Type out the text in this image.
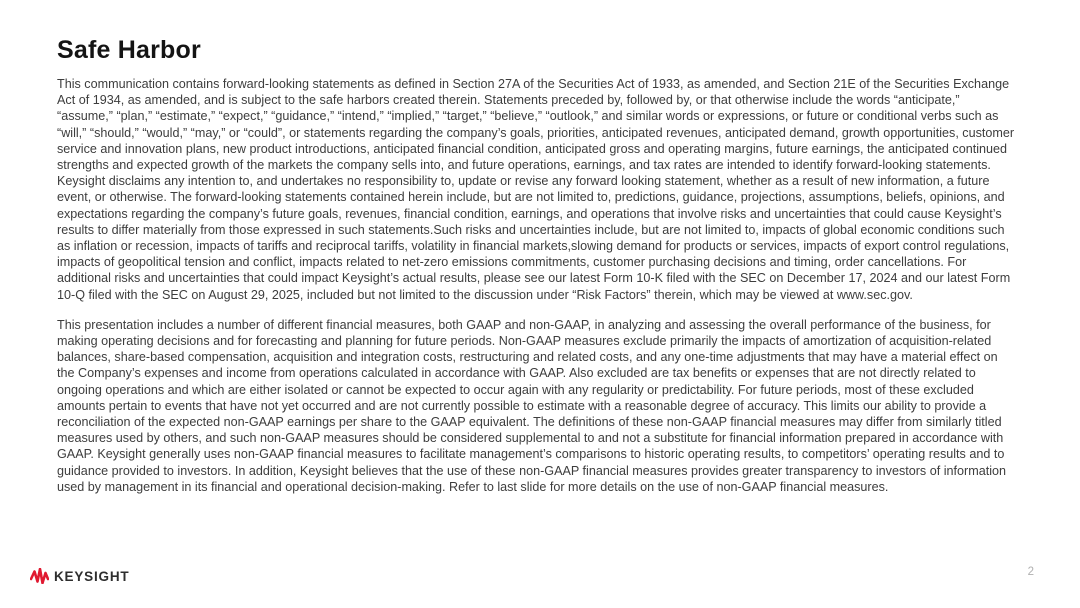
Safe Harbor

This communication contains forward-looking statements as defined in Section 27A of the Securities Act of 1933, as amended, and Section 21E of the Securities Exchange Act of 1934, as amended, and is subject to the safe harbors created therein. Statements preceded by, followed by, or that otherwise include the words “anticipate,” “assume,” “plan,” “estimate,” “expect,” “guidance,” “intend,” “implied,” “target,” “believe,” “outlook,” and similar words or expressions, or future or conditional verbs such as “will,” “should,” “would,” “may,” or “could”, or statements regarding the company’s goals, priorities, anticipated revenues, anticipated demand, growth opportunities, customer service and innovation plans, new product introductions, anticipated financial condition, anticipated gross and operating margins, future earnings, the anticipated continued strengths and expected growth of the markets the company sells into, and future operations, earnings, and tax rates are intended to identify forward-looking statements. Keysight disclaims any intention to, and undertakes no responsibility to, update or revise any forward looking statement, whether as a result of new information, a future event, or otherwise. The forward-looking statements contained herein include, but are not limited to, predictions, guidance, projections, assumptions, beliefs, opinions, and expectations regarding the company’s future goals, revenues, financial condition, earnings, and operations that involve risks and uncertainties that could cause Keysight’s results to differ materially from those expressed in such statements.Such risks and uncertainties include, but are not limited to, impacts of global economic conditions such as inflation or recession, impacts of tariffs and reciprocal tariffs, volatility in financial markets,slowing demand for products or services, impacts of export control regulations, impacts of geopolitical tension and conflict, impacts related to net-zero emissions commitments, customer purchasing decisions and timing, order cancellations. For additional risks and uncertainties that could impact Keysight’s actual results, please see our latest Form 10-K filed with the SEC on December 17, 2024 and our latest Form 10-Q filed with the SEC on August 29, 2025, included but not limited to the discussion under “Risk Factors” therein, which may be viewed at www.sec.gov.

This presentation includes a number of different financial measures, both GAAP and non-GAAP, in analyzing and assessing the overall performance of the business, for making operating decisions and for forecasting and planning for future periods. Non-GAAP measures exclude primarily the impacts of amortization of acquisition-related balances, share-based compensation, acquisition and integration costs, restructuring and related costs, and any one-time adjustments that may have a material effect on the Company’s expenses and income from operations calculated in accordance with GAAP. Also excluded are tax benefits or expenses that are not directly related to ongoing operations and which are either isolated or cannot be expected to occur again with any regularity or predictability. For future periods, most of these excluded amounts pertain to events that have not yet occurred and are not currently possible to estimate with a reasonable degree of accuracy. This limits our ability to provide a reconciliation of the expected non-GAAP earnings per share to the GAAP equivalent. The definitions of these non-GAAP financial measures may differ from similarly titled measures used by others, and such non-GAAP measures should be considered supplemental to and not a substitute for financial information prepared in accordance with GAAP. Keysight generally uses non-GAAP financial measures to facilitate management’s comparisons to historic operating results, to competitors’ operating results and to guidance provided to investors. In addition, Keysight believes that the use of these non-GAAP financial measures provides greater transparency to investors of information used by management in its financial and operational decision-making. Refer to last slide for more details on the use of non-GAAP financial measures.

KEYSIGHT	2
